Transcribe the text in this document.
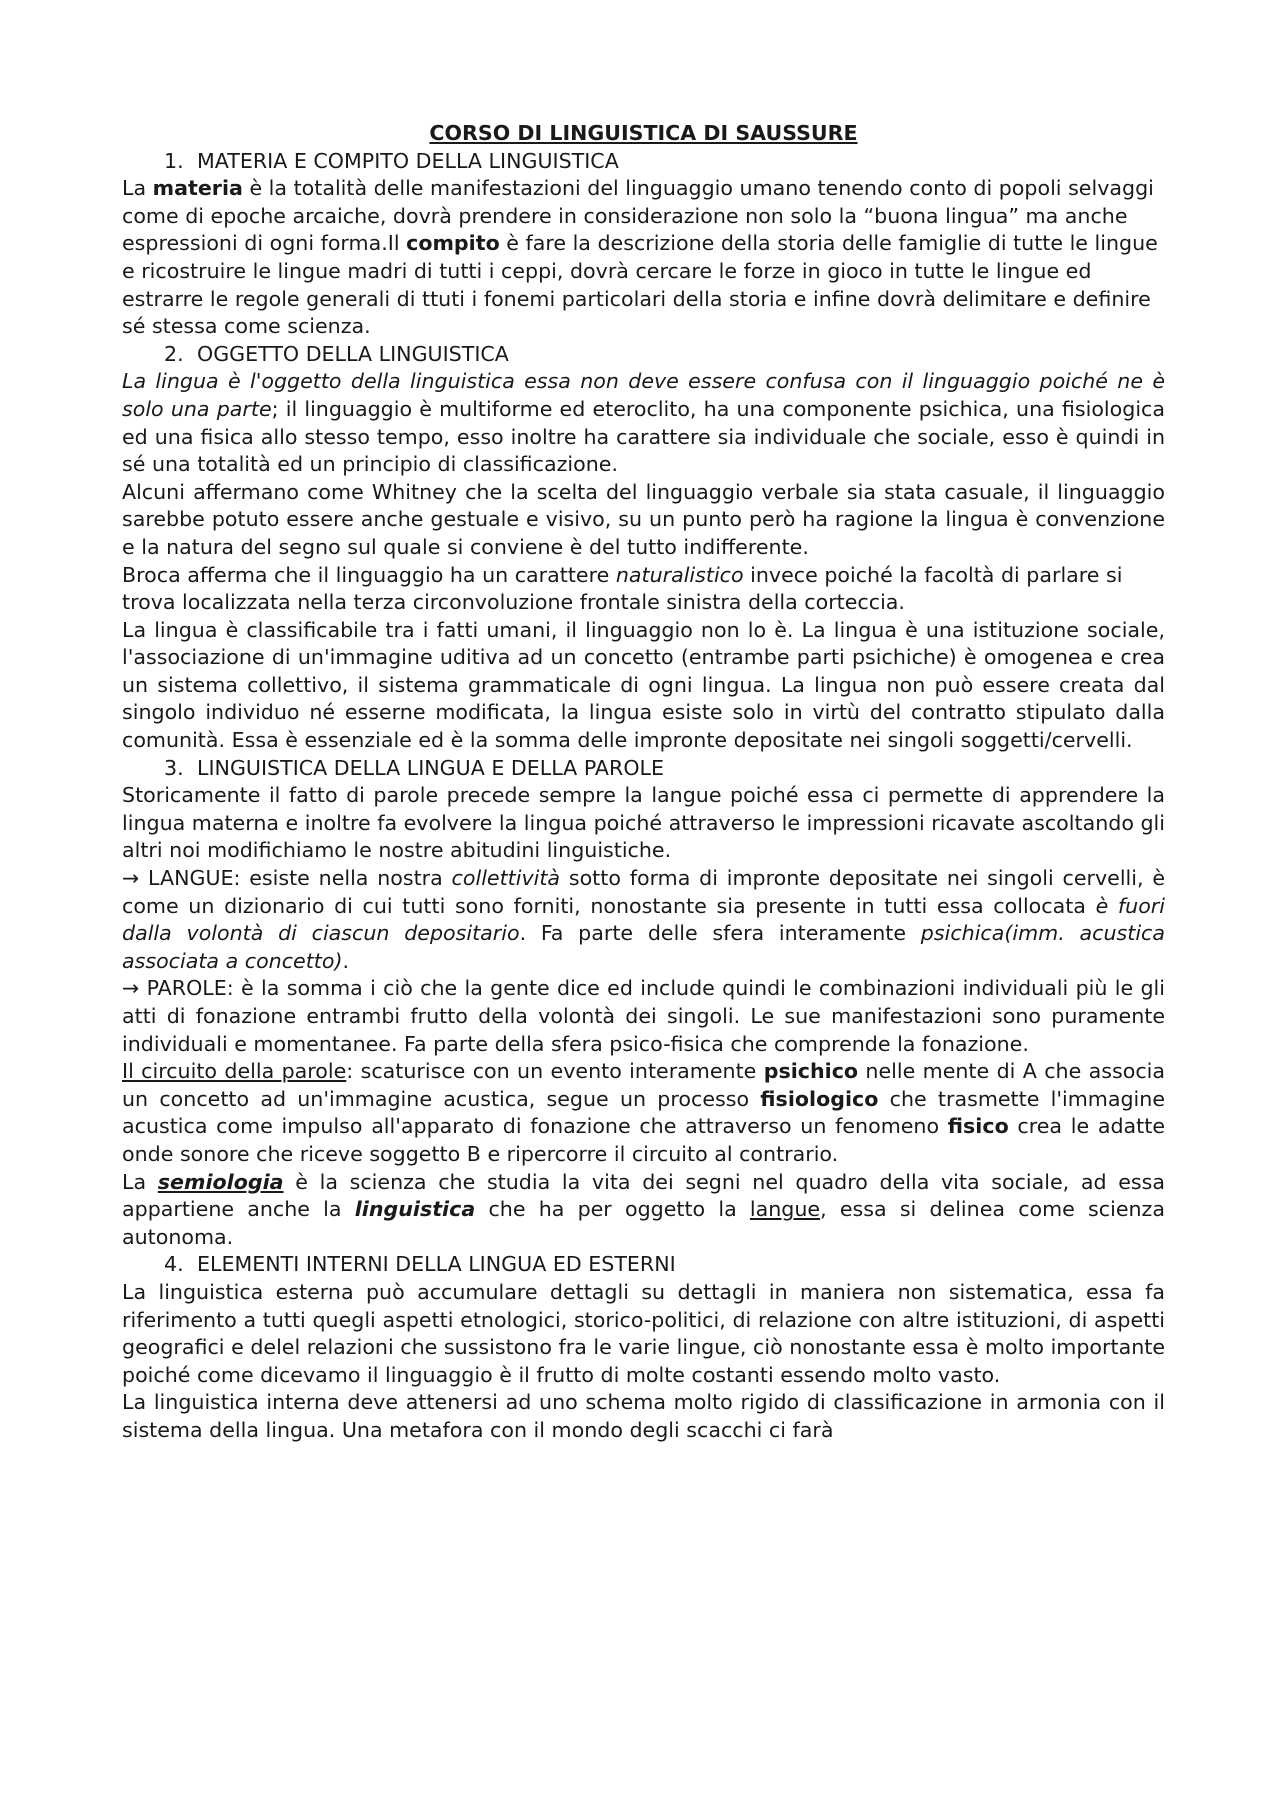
CORSO DI LINGUISTICA DI SAUSSURE

1. MATERIA E COMPITO DELLA LINGUISTICA

La materia è la totalità delle manifestazioni del linguaggio umano tenendo conto di popoli selvaggi come di epoche arcaiche, dovrà prendere in considerazione non solo la “buona lingua” ma anche espressioni di ogni forma.Il compito è fare la descrizione della storia delle famiglie di tutte le lingue e ricostruire le lingue madri di tutti i ceppi, dovrà cercare le forze in gioco in tutte le lingue ed estrarre le regole generali di ttuti i fonemi particolari della storia e infine dovrà delimitare e definire sé stessa come scienza.

2. OGGETTO DELLA LINGUISTICA

La lingua è l'oggetto della linguistica essa non deve essere confusa con il linguaggio poiché ne è solo una parte; il linguaggio è multiforme ed eteroclito, ha una componente psichica, una fisiologica ed una fisica allo stesso tempo, esso inoltre ha carattere sia individuale che sociale, esso è quindi in sé una totalità ed un principio di classificazione.

Alcuni affermano come Whitney che la scelta del linguaggio verbale sia stata casuale, il linguaggio sarebbe potuto essere anche gestuale e visivo, su un punto però ha ragione la lingua è convenzione e la natura del segno sul quale si conviene è del tutto indifferente.

Broca afferma che il linguaggio ha un carattere naturalistico invece poiché la facoltà di parlare si trova localizzata nella terza circonvoluzione frontale sinistra della corteccia.

La lingua è classificabile tra i fatti umani, il linguaggio non lo è. La lingua è una istituzione sociale, l'associazione di un'immagine uditiva ad un concetto (entrambe parti psichiche) è omogenea e crea un sistema collettivo, il sistema grammaticale di ogni lingua. La lingua non può essere creata dal singolo individuo né esserne modificata, la lingua esiste solo in virtù del contratto stipulato dalla comunità. Essa è essenziale ed è la somma delle impronte depositate nei singoli soggetti/cervelli.

3. LINGUISTICA DELLA LINGUA E DELLA PAROLE

Storicamente il fatto di parole precede sempre la langue poiché essa ci permette di apprendere la lingua materna e inoltre fa evolvere la lingua poiché attraverso le impressioni ricavate ascoltando gli altri noi modifichiamo le nostre abitudini linguistiche.

→ LANGUE: esiste nella nostra collettività sotto forma di impronte depositate nei singoli cervelli, è come un dizionario di cui tutti sono forniti, nonostante sia presente in tutti essa collocata è fuori dalla volontà di ciascun depositario. Fa parte delle sfera interamente psichica(imm. acustica associata a concetto).

→ PAROLE: è la somma i ciò che la gente dice ed include quindi le combinazioni individuali più le gli atti di fonazione entrambi frutto della volontà dei singoli. Le sue manifestazioni sono puramente individuali e momentanee. Fa parte della sfera psico-fisica che comprende la fonazione.

Il circuito della parole: scaturisce con un evento interamente psichico nelle mente di A che associa un concetto ad un'immagine acustica, segue un processo fisiologico che trasmette l'immagine acustica come impulso all'apparato di fonazione che attraverso un fenomeno fisico crea le adatte onde sonore che riceve soggetto B e ripercorre il circuito al contrario.

La semiologia è la scienza che studia la vita dei segni nel quadro della vita sociale, ad essa appartiene anche la linguistica che ha per oggetto la langue, essa si delinea come scienza autonoma.

4. ELEMENTI INTERNI DELLA LINGUA ED ESTERNI

La linguistica esterna può accumulare dettagli su dettagli in maniera non sistematica, essa fa riferimento a tutti quegli aspetti etnologici, storico-politici, di relazione con altre istituzioni, di aspetti geografici e delel relazioni che sussistono fra le varie lingue, ciò nonostante essa è molto importante poiché come dicevamo il linguaggio è il frutto di molte costanti essendo molto vasto.

La linguistica interna deve attenersi ad uno schema molto rigido di classificazione in armonia con il sistema della lingua. Una metafora con il mondo degli scacchi ci farà
